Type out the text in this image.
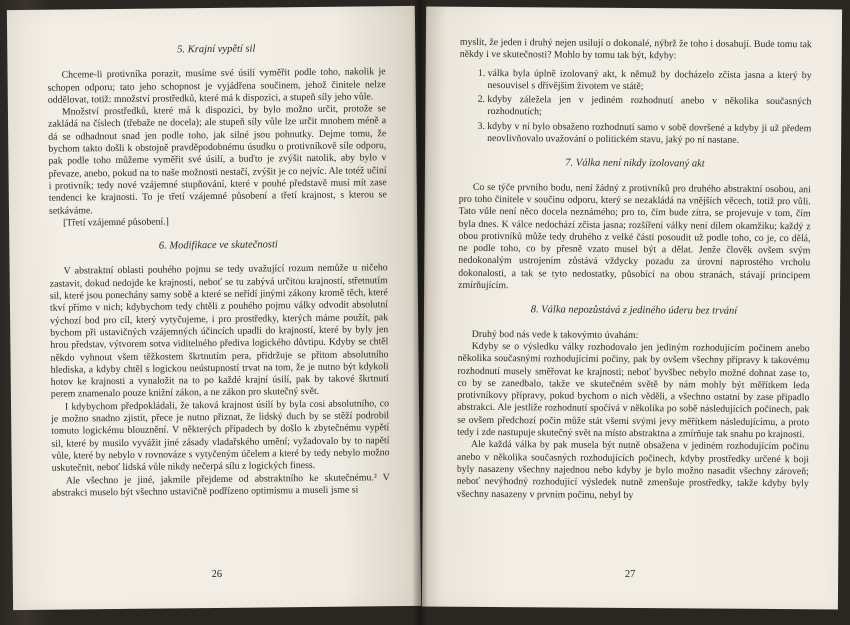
5. Krajní vypětí sil

Chceme-li protivníka porazit, musíme své úsilí vyměřit podle toho, nakolik je schopen odporu; tato jeho schopnost je vyjádřena součinem, jehož činitele nelze oddělovat, totiž: množství prostředků, které má k dispozici, a stupeň síly jeho vůle.

Množství prostředků, které má k dispozici, by bylo možno určit, protože se zakládá na číslech (třebaže ne docela); ale stupeň síly vůle lze určit mnohem méně a dá se odhadnout snad jen podle toho, jak silné jsou pohnutky. Dejme tomu, že bychom takto došli k obstojně pravděpodobnému úsudku o protivníkově síle odporu, pak podle toho můžeme vyměřit své úsilí, a buďto je zvýšit natolik, aby bylo v převaze, anebo, pokud na to naše možnosti nestačí, zvýšit je co nejvíc. Ale totéž učiní i protivník; tedy nové vzájemné stupňování, které v pouhé představě musí mít zase tendenci ke krajnosti. To je třetí vzájemné působení a třetí krajnost, s kterou se setkáváme.

[Třetí vzájemné působení.]

6. Modifikace ve skutečnosti

V abstraktní oblasti pouhého pojmu se tedy uvažující rozum nemůže u ničeho zastavit, dokud nedojde ke krajnosti, neboť se tu zabývá určitou krajností, střetnutím sil, které jsou ponechány samy sobě a které se neřídí jinými zákony kromě těch, které tkví přímo v nich; kdybychom tedy chtěli z pouhého pojmu války odvodit absolutní výchozí bod pro cíl, který vytyčujeme, i pro prostředky, kterých máme použít, pak bychom při ustavičných vzájemných účincích upadli do krajností, které by byly jen hrou představ, výtvorem sotva viditelného předivа logického důvtipu. Kdyby se chtěl někdo vyhnout všem těžkostem škrtnutím pera, přidržuje se přitom absolutního hlediska, a kdyby chtěl s logickou neústupností trvat na tom, že je nutno být kdykoli hotov ke krajnosti a vynaložit na to po každé krajní úsilí, pak by takové škrtnutí perem znamenalo pouze knižní zákon, a ne zákon pro skutečný svět.

I kdybychom předpokládali, že taková krajnost úsilí by byla cosi absolutního, co je možno snadno zjistit, přece je nutno přiznat, že lidský duch by se stěží podrobil tomuto logickému blouznění. V některých případech by došlo k zbytečnému vypětí sil, které by musilo vyvážit jiné zásady vladařského umění; vyžadovalo by to napětí vůle, které by nebylo v rovnováze s vytyčeným účelem a které by tedy nebylo možno uskutečnit, neboť lidská vůle nikdy nečerpá sílu z logických finess.

Ale všechno je jiné, jakmile přejdeme od abstraktního ke skutečnému.² V abstrakci muselo být všechno ustavičně podřízeno optimismu a museli jsme si

26

myslit, že jeden i druhý nejen usilují o dokonalé, nýbrž že toho i dosahují. Bude tomu tak někdy i ve skutečnosti? Mohlo by tomu tak být, kdyby:

1. válka byla úplně izolovaný akt, k němuž by docházelo zčista jasna a který by nesouvisel s dřívějším životem ve státě;
2. kdyby záleželа jen v jediném rozhodnutí anebo v několika současných rozhodnutích;
3. kdyby v ní bylo obsaženo rozhodnutí samo v sobě dovršené a kdyby ji už předem neovlivňovalo uvažování o politickém stavu, jaký po ní nastane.
7. Válka není nikdy izolovaný akt

Co se týče prvního bodu, není žádný z protivníků pro druhého abstraktní osobou, ani pro toho činitele v součinu odporu, který se nezakládá na vnějších věcech, totiž pro vůli. Tato vůle není něco docela neznámého; pro to, čím bude zítra, se projevuje v tom, čím byla dnes. K válce nedochází zčista jasna; rozšíření války není dílem okamžiku; každý z obou protivníků může tedy druhého z velké části posoudit už podle toho, co je, co dělá, ne podle toho, co by přesně vzato musel být a dělat. Jenže člověk ovšem svým nedokonalým ustrojením zůstává vždycky pozadu za úrovní naprostého vrcholu dokonalosti, a tak se tyto nedostatky, působící na obou stranách, stávají principem zmírňujícím.

8. Válka nepozůstává z jediného úderu bez trvání

Druhý bod nás vede k takovýmto úvahám:

Kdyby se o výsledku války rozhodovalo jen jediným rozhodujícím počinem anebo několika současnými rozhodujícími počiny, pak by ovšem všechny přípravy k takovému rozhodnutí musely směřovat ke krajnosti; neboť byvšbec nebylo možné dohnat zase to, co by se zanedbalo, takže ve skutečném světě by nám mohly být měřítkem leda protivníkovy přípravy, pokud bychom o nich věděli, a všechno ostatní by zase připadlo abstrakci. Ale jestliže rozhodnutí spočívá v několika po sobě následujících počinech, pak se ovšem předchozí počin může stát všemi svými jevy měřítkem následujícímu, a proto tedy i zde nastupuje skutečný svět na místo abstraktna a zmírňuje tak snahu po krajnosti.

Ale každá válka by pak musela být nutně obsažena v jediném rozhodujícím počinu anebo v několika současných rozhodujících počinech, kdyby prostředky určené k boji byly nasazeny všechny najednou nebo kdyby je bylo možno nasadit všechny zároveň; neboť nevýhodný rozhodující výsledek nutně zmenšuje prostředky, takže kdyby byly všechny nasazeny v prvním počinu, nebyl by

27
